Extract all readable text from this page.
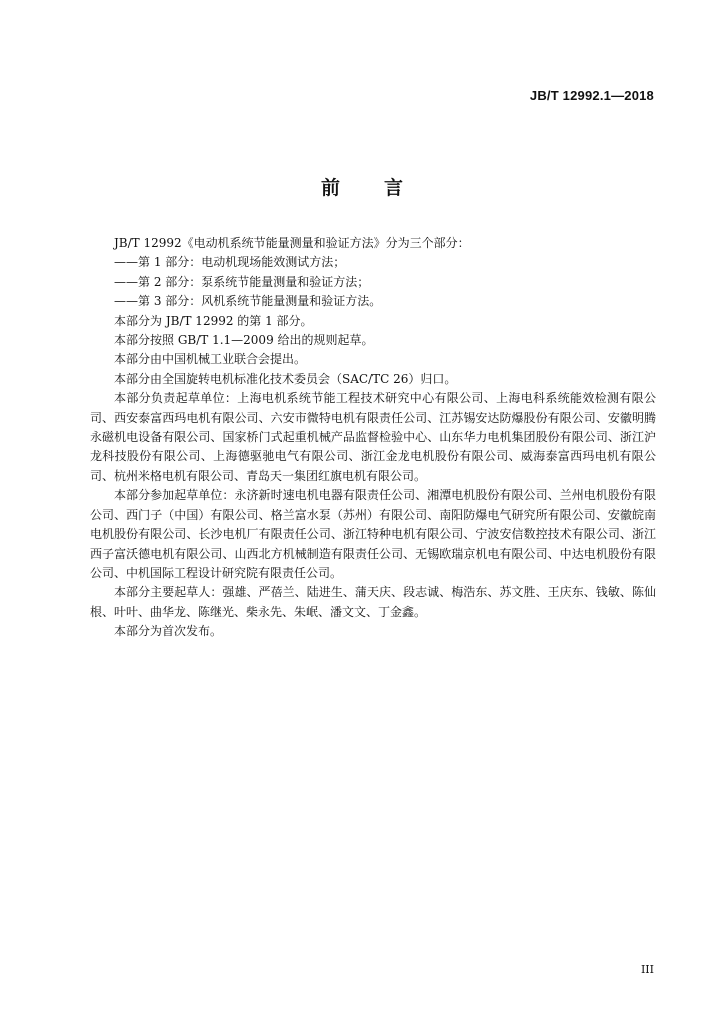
JB/T 12992.1—2018
前 言

JB/T 12992《电动机系统节能量测量和验证方法》分为三个部分：

——第 1 部分：电动机现场能效测试方法；

——第 2 部分：泵系统节能量测量和验证方法；

——第 3 部分：风机系统节能量测量和验证方法。

本部分为 JB/T 12992 的第 1 部分。

本部分按照 GB/T 1.1—2009 给出的规则起草。

本部分由中国机械工业联合会提出。

本部分由全国旋转电机标准化技术委员会（SAC/TC 26）归口。

本部分负责起草单位：上海电机系统节能工程技术研究中心有限公司、上海电科系统能效检测有限公司、西安泰富西玛电机有限公司、六安市微特电机有限责任公司、江苏锡安达防爆股份有限公司、安徽明腾永磁机电设备有限公司、国家桥门式起重机械产品监督检验中心、山东华力电机集团股份有限公司、浙江沪龙科技股份有限公司、上海德驱驰电气有限公司、浙江金龙电机股份有限公司、威海泰富西玛电机有限公司、杭州米格电机有限公司、青岛天一集团红旗电机有限公司。

本部分参加起草单位：永济新时速电机电器有限责任公司、湘潭电机股份有限公司、兰州电机股份有限公司、西门子（中国）有限公司、格兰富水泵（苏州）有限公司、南阳防爆电气研究所有限公司、安徽皖南电机股份有限公司、长沙电机厂有限责任公司、浙江特种电机有限公司、宁波安信数控技术有限公司、浙江西子富沃德电机有限公司、山西北方机械制造有限责任公司、无锡欧瑞京机电有限公司、中达电机股份有限公司、中机国际工程设计研究院有限责任公司。

本部分主要起草人：强雄、严蓓兰、陆进生、蒲天庆、段志诚、梅浩东、苏文胜、王庆东、钱敏、陈仙根、叶叶、曲华龙、陈继光、柴永先、朱岷、潘文文、丁金鑫。

本部分为首次发布。

III
